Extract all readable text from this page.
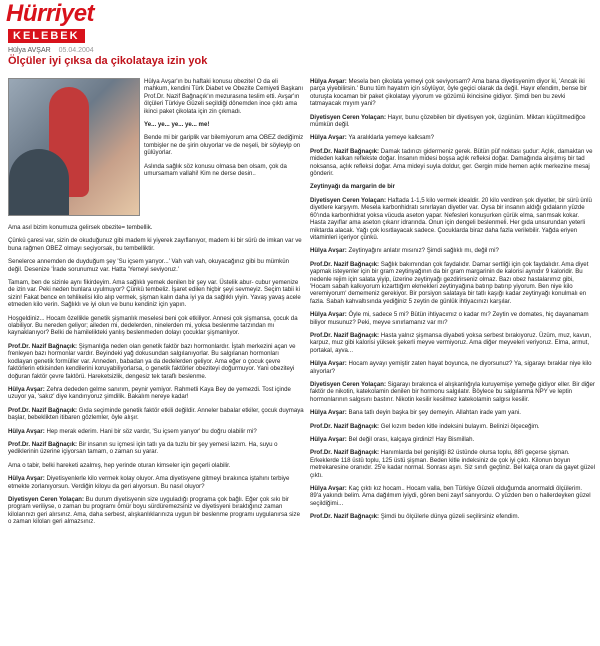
Hürriyet
KELEBEK
Hülya AVŞAR 05.04.2004
Ölçüler iyi çıksa da çikolataya izin yok

Hülya Avşar'ın bu haftaki konusu obezite! O da eli mahkum, kendini Türk Diabet ve Obezite Cemiyeti Başkanı Prof.Dr. Nazif Bağnaçık'ın mezurasına teslim etti. Avşar'ın ölçüleri Türkiye Güzeli seçildiği dönemden ince çıktı ama ikinci paket çikolata için zin çıkmadı.

Ye... ye... ye... ye... me!

Bende mi bir gariplik var bilemiyorum ama OBEZ dediğimiz tombişler ne de şirin oluyorlar ve de neşeli, bir söyleyip on gülüyorlar.

Aslında sağlık söz konusu olmasa ben olsam, çok da umursamam vallahi! Kim ne derse desin..

Ama asıl bizim konumuza gelirsek obezite= tembellik.

Çünkü çaresi var, sizin de okuduğunuz gibi madem ki yiyerek zayıflanıyor, madem ki bir sürü de imkan var ve buna rağmen OBEZ olmayı seçiyorsak, bu tembelliktir.

Senelerce annemden de duyduğum şey 'Su içsem yarıyor...' Vah vah vah, okuyacağınız gibi bu mümkün değil. Desenize 'İrade sorunumuz var. Hatta 'Yemeyi seviyoruz.'

Tamam, ben de sizinle aynı fikirdeyim. Ama sağlıklı yemek denilen bir şey var. Üstelik abur- cubur yemenize de izin var. Peki neden bunlara uyulmuyor? Çünkü tembeliz. İşaret edilen hiçbir şeyi sevmeyiz. Seçim tabii ki sizin! Fakat bence en tehlikelisi kilo alıp vermek, şişman kalın daha iyi ya da sağlıklı yiyin. Yavaş yavaş acele etmeden kilo verin. Sağlıklı ve iyi olun ve bunu kendiniz için yapın.

Hoşgeldiniz... Hocam özellikle genetik şişmanlık meselesi beni çok etkiliyor. Annesi çok şişmansa, çocuk da olabiliyor. Bu nereden geliyor; aileden mi, dedelerden, ninelerden mi, yoksa beslenme tarzından mı kaynaklanıyor? Belki de hamilelikteki yanlış beslenmeden dolayı çocuklar şişmanlıyor.

Prof.Dr. Nazif Bağnaçık: Şişmanlığa neden olan genetik faktör bazı hormonlardır. İştah merkezini açan ve frenleyen bazı hormonlar vardır. Beyindeki yağ dokusundan salgılanıyorlar. Bu salgılanan hormonları kodlayan genetik formüller var. Anneden, babadan ya da dedelerden geliyor. Ama eğer o çocuk çevre faktörlerin etkisinden kendilerini koruyabiliyorlarsa, o genetik faktörler obeziteyi doğurmuyor. Yani obeziteyi doğuran faktör çevre faktörü. Hareketsizlik, dengesiz tek taraflı beslenme.

Hülya Avşar: Zehra dededen gelme sanırım, peynir yemiyor. Rahmetli Kaya Bey de yemezdi. Tost içinde uzuyor ya, 'sakız' diye kandırıyoruz şimdilik. Bakalım nereye kadar!

Prof.Dr. Nazif Bağnaçık: Gıda seçiminde genetik faktör etkili değildir. Anneler babalar etkiler, çocuk duymaya başlar, bebeklikten itibaren gözlemler, öyle alışır.

Hülya Avşar: Hep merak ederim. Hani bir söz vardır, 'Su içsem yarıyor' bu doğru olabilir mi?

Prof.Dr. Nazif Bağnaçık: Bir insanın su içmesi için tatlı ya da tuzlu bir şey yemesi lazım. Ha, suyu o yediklerinin üzerine içiyorsan tamam, o zaman su yarar.

Ama o tabir, belki hareketi azalmış, hep yerinde oturan kimseler için geçerli olabilir.

Hülya Avşar: Diyetisyenlerle kilo vermek kolay oluyor. Ama diyetisyene gitmeyi bırakınca iştahını terbiye etmekte zorlanıyorsun. Verdiğin kiloyu da geri alıyorsun. Bu nasıl oluyor?

Diyetisyen Ceren Yolaçan: Bu durum diyetisyenin size uyguladığı programa çok bağlı. Eğer çok sıkı bir program veriliyse, o zaman bu programı ömür boyu sürdüremezsiniz ve diyetisyeni bıraktığınız zaman kilolarınızı geri alırsınız. Ama, daha serbest, alışkanlıklarınıza uygun bir beslenme programı uygulanırsa size o zaman kiloları geri almazsınız.

Hülya Avşar: Mesela ben çikolata yemeyi çok seviyorsam? Ama bana diyetisyenim diyor ki, 'Ancak iki parça yiyebilirsin.' Bunu tüm hayatım için söylüyor, öyle geçici olarak da değil. Hayır efendim, bense bir oturuşta kocaman bir paket çikolatayı yiyorum ve gözümü ikincisine gidiyor. Şimdi ben bu zevki tatmayacak mıyım yani?

Diyetisyen Ceren Yolaçan: Hayır, bunu çözebilen bir diyetisyen yok, üzgünüm. Miktarı küçültmediğce mümkün değil.

Hülya Avşar: Ya aralıklarla yemeye kalksam?

Prof.Dr. Nazif Bağnaçık: Damak tadınızı gidermeniz gerek. Bütün püf noktası şudur: Açlık, damaktan ve mideden kalkan reflekste doğar. İnsanın midesi boşsa açlık refleksi doğar. Damağında alışılmış bir tad noksansa, açlık refleksi doğar. Ama mideyi suyla doldur, ger. Gergin mide hemen açlık merkezine mesaj gönderir.

Zeytinyağı da margarin de bir

Diyetisyen Ceren Yolaçan: Haftada 1-1,5 kilo vermek idealdir. 20 kilo verdiren şok diyetler, bir sürü ünlü diyetlere karşıyım. Mesela karbonhidratı sınırlayan diyetler var. Oysa bir insanın aldığı gıdaların yüzde 60'ında karbonhidrat yoksa vücuda aseton yapar. Nefesleri konuşurken çürük elma, sarımsak kokar. Hasta zayıflar ama aseton çıkarır idrarında. Onun için dengeli beslenmeli. Her gıda unsurundan yeterli miktarda alacak. Yağı çok kısıtlayacak sadece. Çocuklarda biraz daha fazla verilebilir. Yağda eriyen vitaminleri içeriyor çünkü.

Hülya Avşar: Zeytinyağını anlatır mısınız? Şimdi sağlıklı mı, değil mi?

Prof.Dr. Nazif Bağnaçık: Sağlık bakımından çok faydalıdır. Damar sertliği için çok faydalıdır. Ama diyet yapmak isteyenler için bir gram zeytinyağının da bir gram margarinin de kalorisi aynıdır 9 kaloridir. Bu nedenle rejim için salata yiyip, üzerine zeytinyağı gezdirirseniz olmaz. Bazı obez hastalarımız gibi, 'Hocam sabah kalkıyorum kızarttığım ekmekleri zeytinyağına batırıp batırıp yiyorum. Ben niye kilo veremiyorum' dememeniz gerekiyor. Bir porsiyon salataya bir tatlı kaşığı kadar zeytinyağı konulmalı en fazla. Sabah kahvaltısında yediğiniz 5 zeytin de günlük ihtiyacınızı karşılar.

Hülya Avşar: Öyle mi, sadece 5 mi? Bütün ihtiyacımız o kadar mı? Zeytin ve domates, hiç dayanamam biliyor musunuz? Peki, meyve sınırlamanız var mı?

Prof.Dr. Nazif Bağnaçık: Hasta yalnız şişmansa diyabeti yoksa serbest bırakıyoruz. Üzüm, muz, kavun, karpuz, muz gibi kalorisi yüksek şekerli meyve vermiyoruz. Ama diğer meyveleri veriyoruz. Elma, armut, portakal, ayva...

Hülya Avşar: Hocam ayvayı yemiştir zaten hayat boyunca, ne diyorsunuz? Ya, sigarayı bıraklar niye kilo alıyorlar?

Diyetisyen Ceren Yolaçan: Sigarayı bırakınca el alışkanlığıyla kuruyemişe yemeğe gidiyor eller. Bir diğer faktör de nikotin, katekolamin denilen bir hormonu salgılatır. Böylece bu salgılanma NPY ve leptin hormonlarının salgısını bastırır. Nikotin kesilir kesilmez katekolamin salgısı kesilir.

Hülya Avşar: Bana tatlı deyin başka bir şey demeyin. Allahtan irade yam yani.

Prof.Dr. Nazif Bağnaçık: Gel kızım beden kitle indeksini bulayım. Belinizi ölçeceğim.

Hülya Avşar: Bel değil orası, kalçaya girdiniz! Hay Bismillah.

Prof.Dr. Nazif Bağnaçık: Hanımlarda bel genişliği 82 üstünde olursa toplu, 88'i geçerse şişman. Erkeklerde 118 üstü toplu, 125 üstü şişman. Beden kitle indeksiniz de çok iyi çıktı. Kilonun boyun metrekaresine oranıdır. 25'e kadar normal. Sonrası aşırı. Siz sınıfı geçtiniz. Bel kalça oranı da gayet güzel çıktı.

Hülya Avşar: Kaç çıktı kız hocam.. Hocam valla, ben Türkiye Güzeli olduğumda anormaldi ölçülerim. 89'a yakındı belim. Ama dağılmım iyiydi, gören beni zayıf sanıyordu. O yüzden ben o hallerdeyken güzel seçildiğimi...

Prof.Dr. Nazif Bağnaçık: Şimdi bu ölçülerle dünya güzeli seçilirsiniz efendim.
